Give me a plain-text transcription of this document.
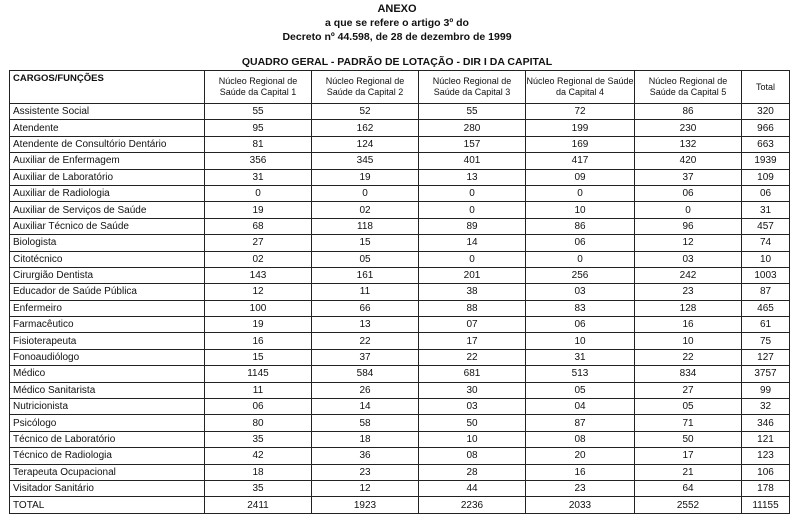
ANEXO
a que se refere o artigo 3º do
Decreto nº 44.598, de 28 de dezembro de 1999
QUADRO GERAL - PADRÃO DE LOTAÇÃO - DIR I DA CAPITAL
CARGOS/FUNÇÕES	Núcleo Regional de Saúde da Capital 1	Núcleo Regional de Saúde da Capital 2	Núcleo Regional de Saúde da Capital 3	Núcleo Regional de Saúde da Capital 4	Núcleo Regional de Saúde da Capital 5	Total
Assistente Social	55	52	55	72	86	320
Atendente	95	162	280	199	230	966
Atendente de Consultório Dentário	81	124	157	169	132	663
Auxiliar de Enfermagem	356	345	401	417	420	1939
Auxiliar de Laboratório	31	19	13	09	37	109
Auxiliar de Radiologia	0	0	0	0	06	06
Auxiliar de Serviços de Saúde	19	02	0	10	0	31
Auxiliar Técnico de Saúde	68	118	89	86	96	457
Biologista	27	15	14	06	12	74
Citotécnico	02	05	0	0	03	10
Cirurgião Dentista	143	161	201	256	242	1003
Educador de Saúde Pública	12	11	38	03	23	87
Enfermeiro	100	66	88	83	128	465
Farmacêutico	19	13	07	06	16	61
Fisioterapeuta	16	22	17	10	10	75
Fonoaudiólogo	15	37	22	31	22	127
Médico	1145	584	681	513	834	3757
Médico Sanitarista	11	26	30	05	27	99
Nutricionista	06	14	03	04	05	32
Psicólogo	80	58	50	87	71	346
Técnico de Laboratório	35	18	10	08	50	121
Técnico de Radiologia	42	36	08	20	17	123
Terapeuta Ocupacional	18	23	28	16	21	106
Visitador Sanitário	35	12	44	23	64	178
TOTAL	2411	1923	2236	2033	2552	11155
